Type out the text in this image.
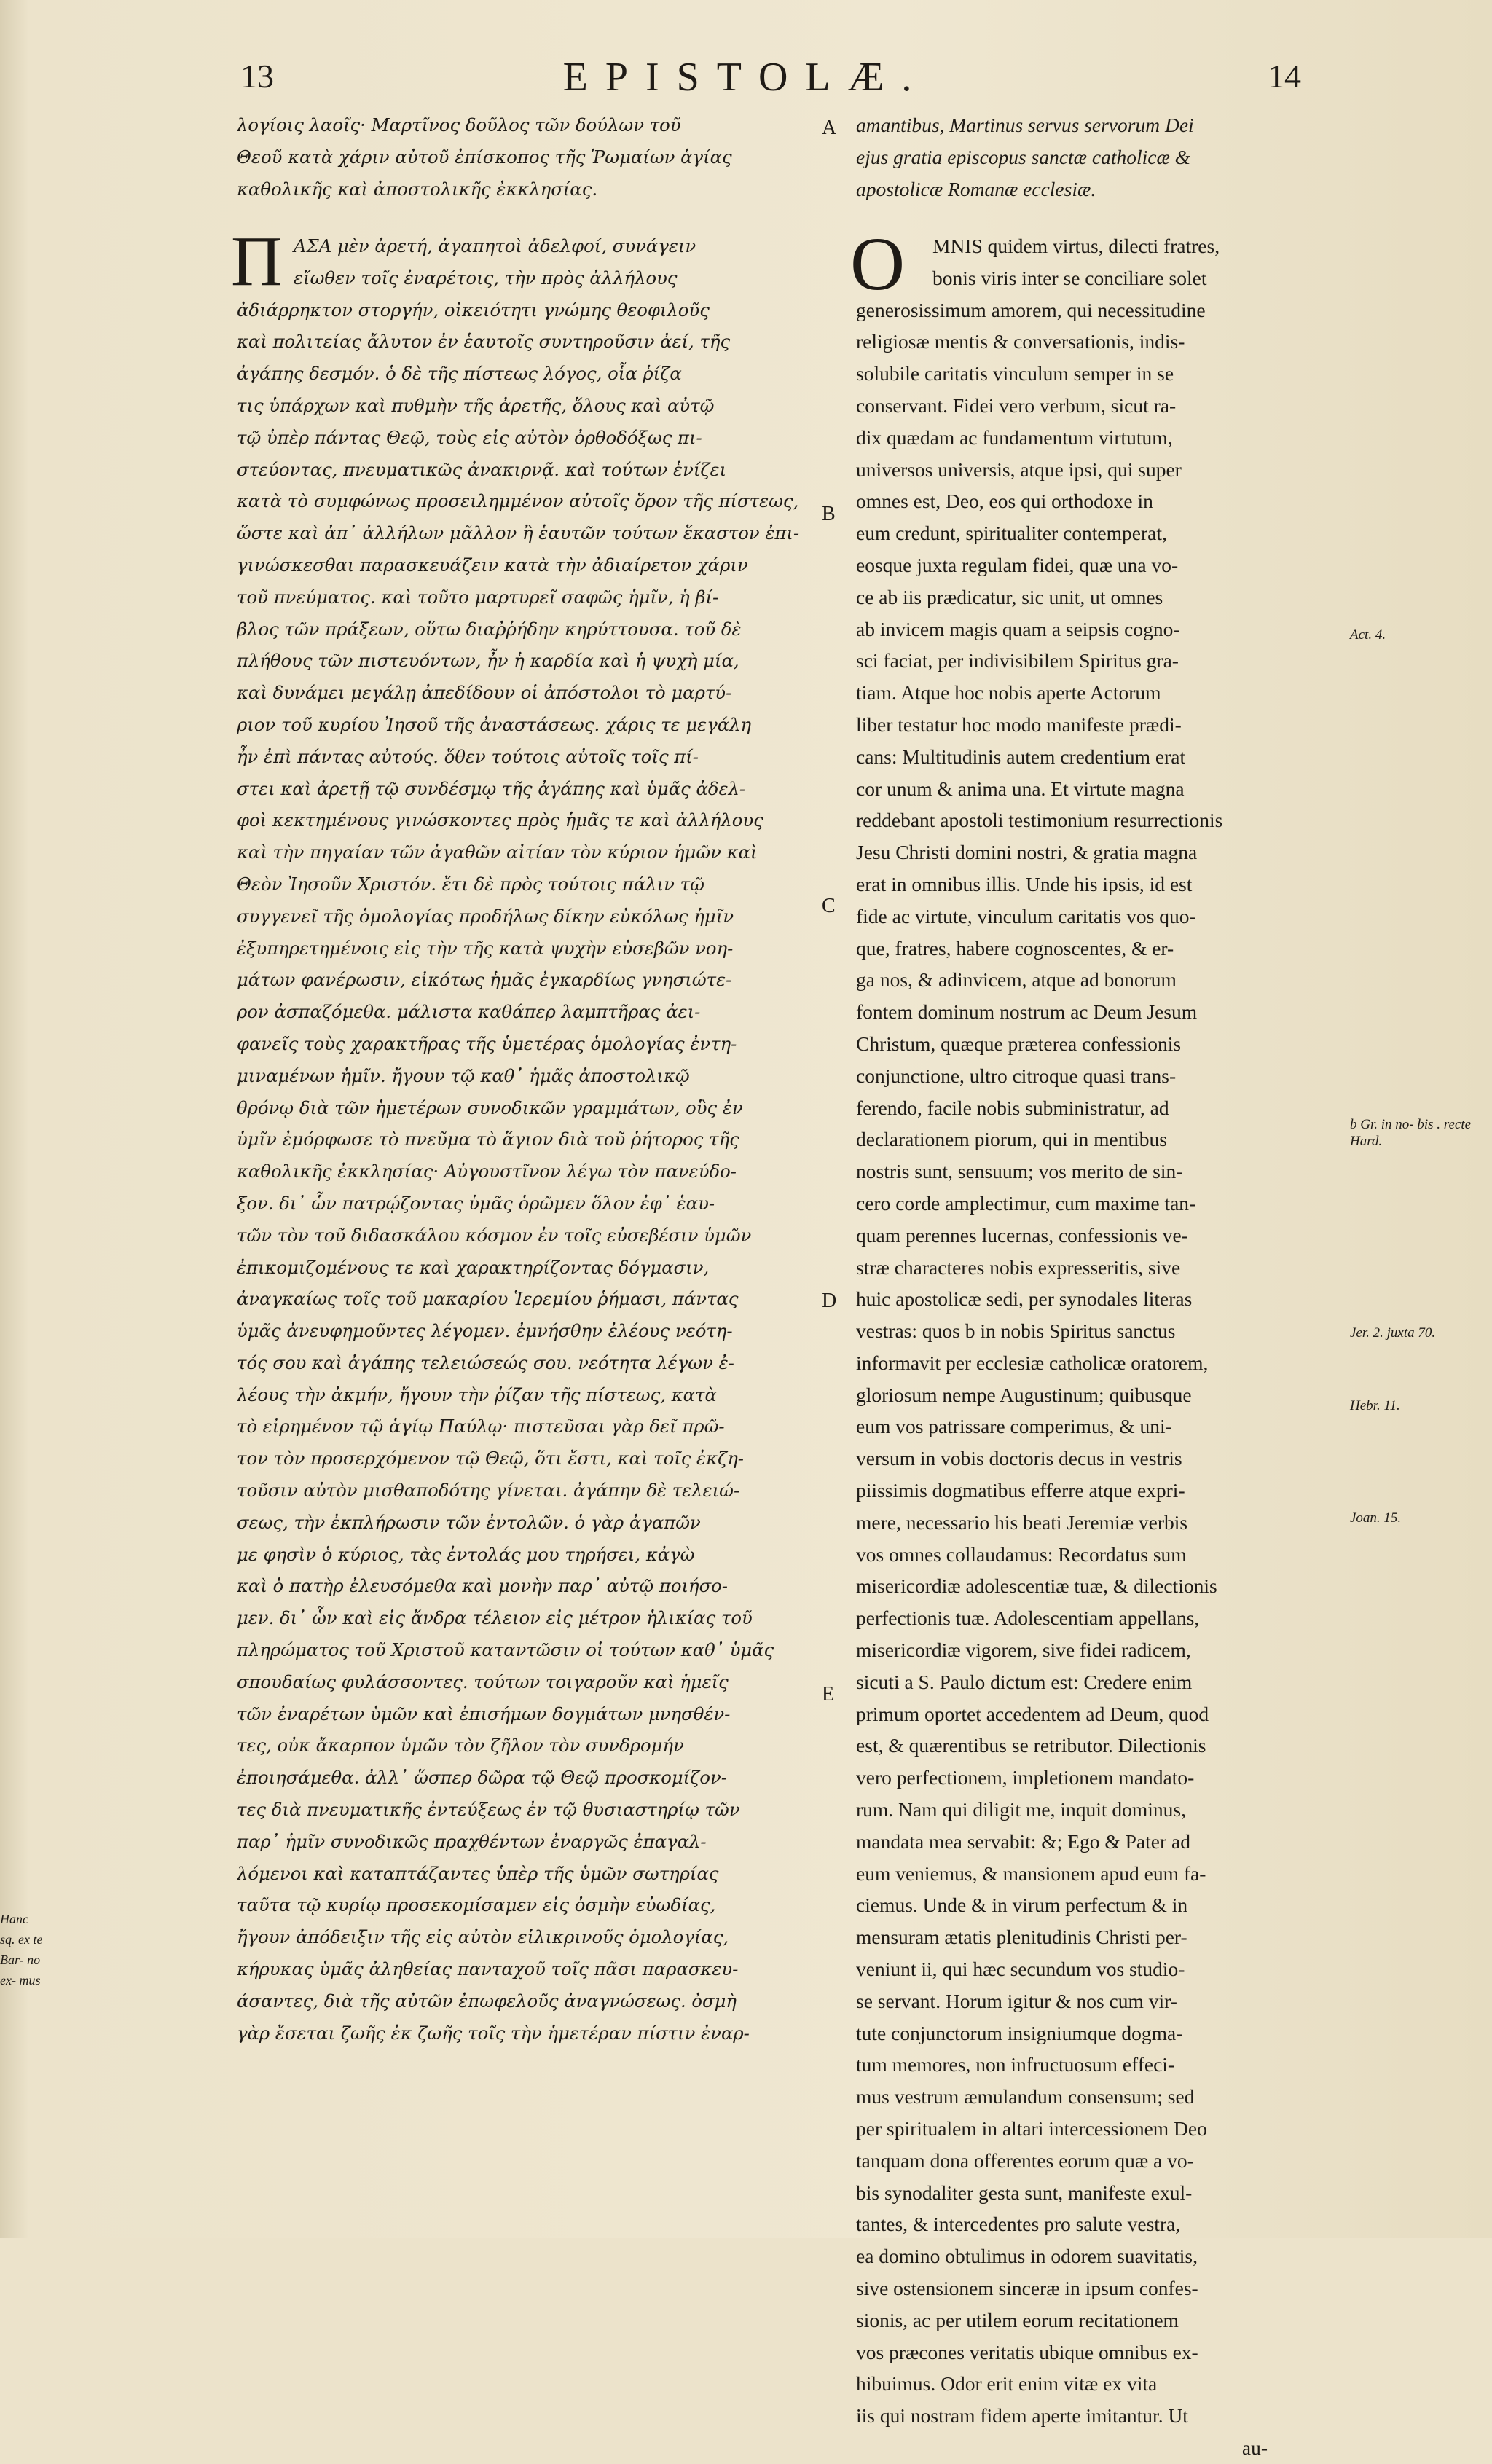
13	EPISTOLÆ.	14
λογίοις λαοῖς· Μαρτῖνος δοῦλος τῶν δούλων τοῦ
Θεοῦ κατὰ χάριν αὐτοῦ ἐπίσκοπος τῆς Ῥωμαίων ἁγίας
καθολικῆς καὶ ἀποστολικῆς ἐκκλησίας.
Π ΑΣΑ μὲν ἀρετή, ἀγαπητοὶ ἀδελφοί, συνάγειν
εἴωθεν τοῖς ἐναρέτοις, τὴν πρὸς ἀλλήλους
ἀδιάρρηκτον στοργήν, οἰκειότητι γνώμης θεοφιλοῦς
καὶ πολιτείας ἄλυτον ἐν ἑαυτοῖς συντηροῦσιν ἀεί, τῆς
ἀγάπης δεσμόν. ὁ δὲ τῆς πίστεως λόγος, οἷα ῥίζα
τις ὑπάρχων καὶ πυθμὴν τῆς ἀρετῆς, ὅλους καὶ αὐτῷ
τῷ ὑπὲρ πάντας Θεῷ, τοὺς εἰς αὐτὸν ὀρθοδόξως πι-
στεύοντας, πνευματικῶς ἀνακιρνᾷ. καὶ τούτων ἑνίζει
κατὰ τὸ συμφώνως προσειλημμένον αὐτοῖς ὅρον τῆς πίστεως,
ὥστε καὶ ἀπ᾽ ἀλλήλων μᾶλλον ἢ ἑαυτῶν τούτων ἕκαστον ἐπι-
γινώσκεσθαι παρασκευάζειν κατὰ τὴν ἀδιαίρετον χάριν
τοῦ πνεύματος. καὶ τοῦτο μαρτυρεῖ σαφῶς ἡμῖν, ἡ βί-
βλος τῶν πράξεων, οὕτω διαῤῥήδην κηρύττουσα. τοῦ δὲ
πλήθους τῶν πιστευόντων, ἦν ἡ καρδία καὶ ἡ ψυχὴ μία,
καὶ δυνάμει μεγάλῃ ἀπεδίδουν οἱ ἀπόστολοι τὸ μαρτύ-
ριον τοῦ κυρίου Ἰησοῦ τῆς ἀναστάσεως. χάρις τε μεγάλη
ἦν ἐπὶ πάντας αὐτούς. ὅθεν τούτοις αὐτοῖς τοῖς πί-
στει καὶ ἀρετῇ τῷ συνδέσμῳ τῆς ἀγάπης καὶ ὑμᾶς ἀδελ-
φοὶ κεκτημένους γινώσκοντες πρὸς ἡμᾶς τε καὶ ἀλλήλους
καὶ τὴν πηγαίαν τῶν ἀγαθῶν αἰτίαν τὸν κύριον ἡμῶν καὶ
Θεὸν Ἰησοῦν Χριστόν. ἔτι δὲ πρὸς τούτοις πάλιν τῷ
συγγενεῖ τῆς ὁμολογίας προδήλως δίκην εὐκόλως ἡμῖν
ἐξυπηρετημένοις εἰς τὴν τῆς κατὰ ψυχὴν εὐσεβῶν νοη-
μάτων φανέρωσιν, εἰκότως ἡμᾶς ἐγκαρδίως γνησιώτε-
ρον ἀσπαζόμεθα. μάλιστα καθάπερ λαμπτῆρας ἀει-
φανεῖς τοὺς χαρακτῆρας τῆς ὑμετέρας ὁμολογίας ἐντη-
μιναμένων ἡμῖν. ἤγουν τῷ καθ᾽ ἡμᾶς ἀποστολικῷ
θρόνῳ διὰ τῶν ἡμετέρων συνοδικῶν γραμμάτων, οὓς ἐν
ὑμῖν ἐμόρφωσε τὸ πνεῦμα τὸ ἅγιον διὰ τοῦ ῥήτορος τῆς
καθολικῆς ἐκκλησίας· Αὐγουστῖνον λέγω τὸν πανεύδο-
ξον. δι᾽ ὧν πατρῴζοντας ὑμᾶς ὁρῶμεν ὅλον ἐφ᾽ ἑαυ-
τῶν τὸν τοῦ διδασκάλου κόσμον ἐν τοῖς εὐσεβέσιν ὑμῶν
ἐπικομιζομένους τε καὶ χαρακτηρίζοντας δόγμασιν,
ἀναγκαίως τοῖς τοῦ μακαρίου Ἱερεμίου ῥήμασι, πάντας
ὑμᾶς ἀνευφημοῦντες λέγομεν. ἐμνήσθην ἐλέους νεότη-
τός σου καὶ ἀγάπης τελειώσεώς σου. νεότητα λέγων ἐ-
λέους τὴν ἀκμήν, ἤγουν τὴν ῥίζαν τῆς πίστεως, κατὰ
τὸ εἰρημένον τῷ ἁγίῳ Παύλῳ· πιστεῦσαι γὰρ δεῖ πρῶ-
τον τὸν προσερχόμενον τῷ Θεῷ, ὅτι ἔστι, καὶ τοῖς ἐκζη-
τοῦσιν αὐτὸν μισθαποδότης γίνεται. ἀγάπην δὲ τελειώ-
σεως, τὴν ἐκπλήρωσιν τῶν ἐντολῶν. ὁ γὰρ ἀγαπῶν
με φησὶν ὁ κύριος, τὰς ἐντολάς μου τηρήσει, κἀγὼ
καὶ ὁ πατὴρ ἐλευσόμεθα καὶ μονὴν παρ᾽ αὐτῷ ποιήσο-
μεν. δι᾽ ὧν καὶ εἰς ἄνδρα τέλειον εἰς μέτρον ἡλικίας τοῦ
πληρώματος τοῦ Χριστοῦ καταντῶσιν οἱ τούτων καθ᾽ ὑμᾶς
σπουδαίως φυλάσσοντες. τούτων τοιγαροῦν καὶ ἡμεῖς
τῶν ἐναρέτων ὑμῶν καὶ ἐπισήμων δογμάτων μνησθέν-
τες, οὐκ ἄκαρπον ὑμῶν τὸν ζῆλον τὸν συνδρομήν
ἐποιησάμεθα. ἀλλ᾽ ὥσπερ δῶρα τῷ Θεῷ προσκομίζον-
τες διὰ πνευματικῆς ἐντεύξεως ἐν τῷ θυσιαστηρίῳ τῶν
παρ᾽ ἡμῖν συνοδικῶς πραχθέντων ἐναργῶς ἐπαγαλ-
λόμενοι καὶ καταπτάζαντες ὑπὲρ τῆς ὑμῶν σωτηρίας
ταῦτα τῷ κυρίῳ προσεκομίσαμεν εἰς ὀσμὴν εὐωδίας,
ἤγουν ἀπόδειξιν τῆς εἰς αὐτὸν εἰλικρινοῦς ὁμολογίας,
κήρυκας ὑμᾶς ἀληθείας πανταχοῦ τοῖς πᾶσι παρασκευ-
άσαντες, διὰ τῆς αὐτῶν ἐπωφελοῦς ἀναγνώσεως. ὀσμὴ
γὰρ ἔσεται ζωῆς ἐκ ζωῆς τοῖς τὴν ἡμετέραν πίστιν ἐναρ-
amantibus, Martinus servus servorum Dei
ejus gratia episcopus sanctæ catholicæ &
apostolicæ Romanæ ecclesiæ.
O	MNIS quidem virtus, dilecti fratres,
bonis viris inter se conciliare solet
generosissimum amorem, qui necessitudine
religiosæ mentis & conversationis, indis-
solubile caritatis vinculum semper in se
conservant. Fidei vero verbum, sicut ra-
dix quædam ac fundamentum virtutum,
universos universis, atque ipsi, qui super
omnes est, Deo, eos qui orthodoxe in
eum credunt, spiritualiter contemperat,
eosque juxta regulam fidei, quæ una vo-
ce ab iis prædicatur, sic unit, ut omnes
ab invicem magis quam a seipsis cogno-
sci faciat, per indivisibilem Spiritus gra-
tiam. Atque hoc nobis aperte Actorum
liber testatur hoc modo manifeste prædi-
cans: Multitudinis autem credentium erat
cor unum & anima una. Et virtute magna
reddebant apostoli testimonium resurrectionis
Jesu Christi domini nostri, & gratia magna
erat in omnibus illis. Unde his ipsis, id est
fide ac virtute, vinculum caritatis vos quo-
que, fratres, habere cognoscentes, & er-
ga nos, & adinvicem, atque ad bonorum
fontem dominum nostrum ac Deum Jesum
Christum, quæque præterea confessionis
conjunctione, ultro citroque quasi trans-
ferendo, facile nobis subministratur, ad
declarationem piorum, qui in mentibus
nostris sunt, sensuum; vos merito de sin-
cero corde amplectimur, cum maxime tan-
quam perennes lucernas, confessionis ve-
stræ characteres nobis expresseritis, sive
huic apostolicæ sedi, per synodales literas
vestras: quos b in nobis Spiritus sanctus
informavit per ecclesiæ catholicæ oratorem,
gloriosum nempe Augustinum; quibusque
eum vos patrissare comperimus, & uni-
versum in vobis doctoris decus in vestris
piissimis dogmatibus efferre atque expri-
mere, necessario his beati Jeremiæ verbis
vos omnes collaudamus: Recordatus sum
misericordiæ adolescentiæ tuæ, & dilectionis
perfectionis tuæ. Adolescentiam appellans,
misericordiæ vigorem, sive fidei radicem,
sicuti a S. Paulo dictum est: Credere enim
primum oportet accedentem ad Deum, quod
est, & quærentibus se retributor. Dilectionis
vero perfectionem, impletionem mandato-
rum. Nam qui diligit me, inquit dominus,
mandata mea servabit: &; Ego & Pater ad
eum veniemus, & mansionem apud eum fa-
ciemus. Unde & in virum perfectum & in
mensuram ætatis plenitudinis Christi per-
veniunt ii, qui hæc secundum vos studio-
se servant. Horum igitur & nos cum vir-
tute conjunctorum insigniumque dogma-
tum memores, non infructuosum effeci-
mus vestrum æmulandum consensum; sed
per spiritualem in altari intercessionem Deo
tanquam dona offerentes eorum quæ a vo-
bis synodaliter gesta sunt, manifeste exul-
tantes, & intercedentes pro salute vestra,
ea domino obtulimus in odorem suavitatis,
sive ostensionem sinceræ in ipsum confes-
sionis, ac per utilem eorum recitationem
vos præcones veritatis ubique omnibus ex-
hibuimus. Odor erit enim vitæ ex vita
iis qui nostram fidem aperte imitantur. Ut
au-
A
B
C
D
E
Act. 4.
b Gr. in no- bis . recte Hard.
Jer. 2. juxta 70.
Hebr. 11.
Joan. 15.
Hanc sq. ex te Bar- no ex- mus
